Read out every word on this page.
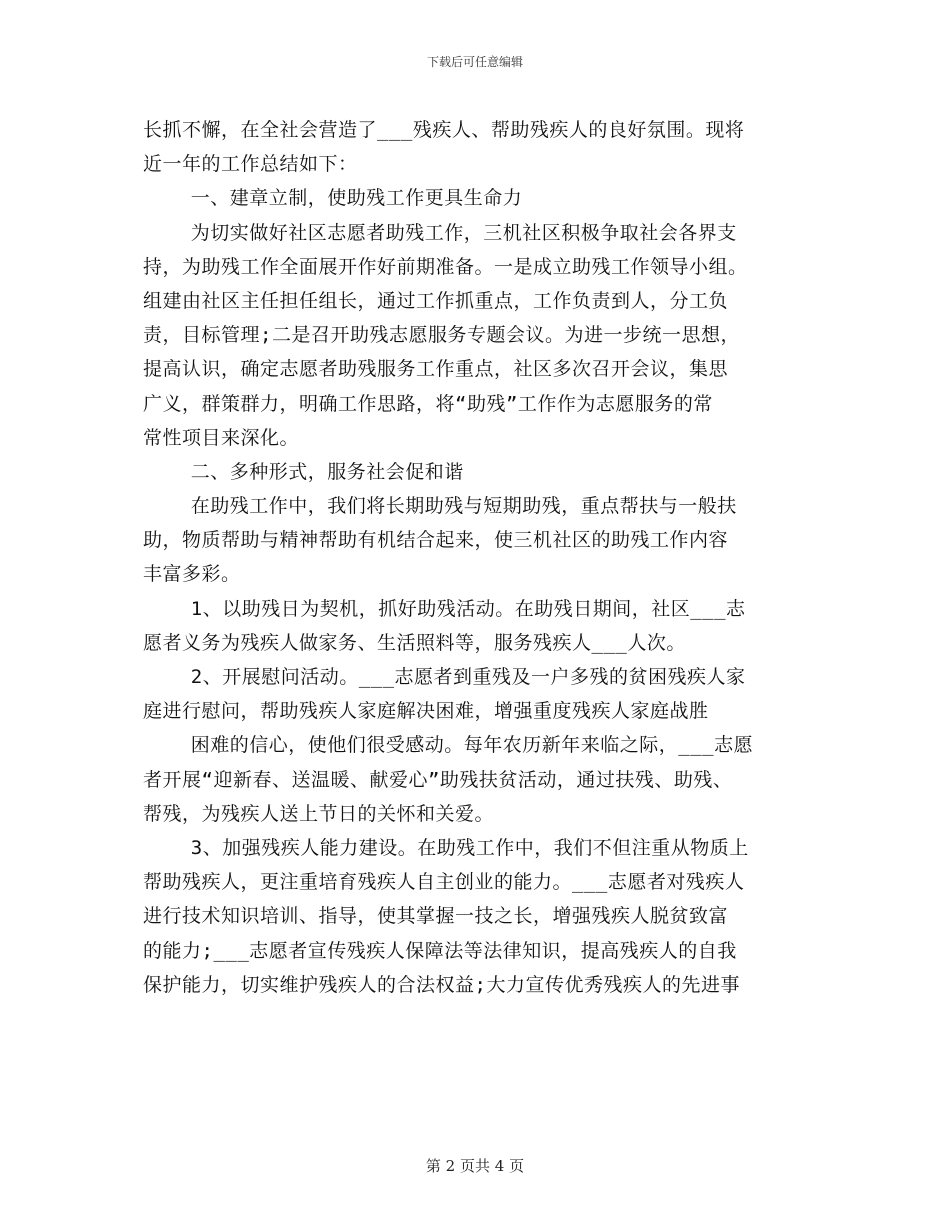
下载后可任意编辑
长抓不懈，在全社会营造了___残疾人、帮助残疾人的良好氛围。现将
近一年的工作总结如下：
一、建章立制，使助残工作更具生命力
为切实做好社区志愿者助残工作，三机社区积极争取社会各界支
持，为助残工作全面展开作好前期准备。一是成立助残工作领导小组。
组建由社区主任担任组长，通过工作抓重点，工作负责到人，分工负
责，目标管理;二是召开助残志愿服务专题会议。为进一步统一思想，
提高认识，确定志愿者助残服务工作重点，社区多次召开会议，集思
广义，群策群力，明确工作思路，将“助残”工作作为志愿服务的常
常性项目来深化。
二、多种形式，服务社会促和谐
在助残工作中，我们将长期助残与短期助残，重点帮扶与一般扶
助，物质帮助与精神帮助有机结合起来，使三机社区的助残工作内容
丰富多彩。
1、以助残日为契机，抓好助残活动。在助残日期间，社区___志
愿者义务为残疾人做家务、生活照料等，服务残疾人___人次。
2、开展慰问活动。___志愿者到重残及一户多残的贫困残疾人家
庭进行慰问，帮助残疾人家庭解决困难，增强重度残疾人家庭战胜
困难的信心，使他们很受感动。每年农历新年来临之际，___志愿
者开展“迎新春、送温暖、献爱心”助残扶贫活动，通过扶残、助残、
帮残，为残疾人送上节日的关怀和关爱。
3、加强残疾人能力建设。在助残工作中，我们不但注重从物质上
帮助残疾人，更注重培育残疾人自主创业的能力。___志愿者对残疾人
进行技术知识培训、指导，使其掌握一技之长，增强残疾人脱贫致富
的能力;___志愿者宣传残疾人保障法等法律知识，提高残疾人的自我
保护能力，切实维护残疾人的合法权益;大力宣传优秀残疾人的先进事
第 2 页共 4 页
